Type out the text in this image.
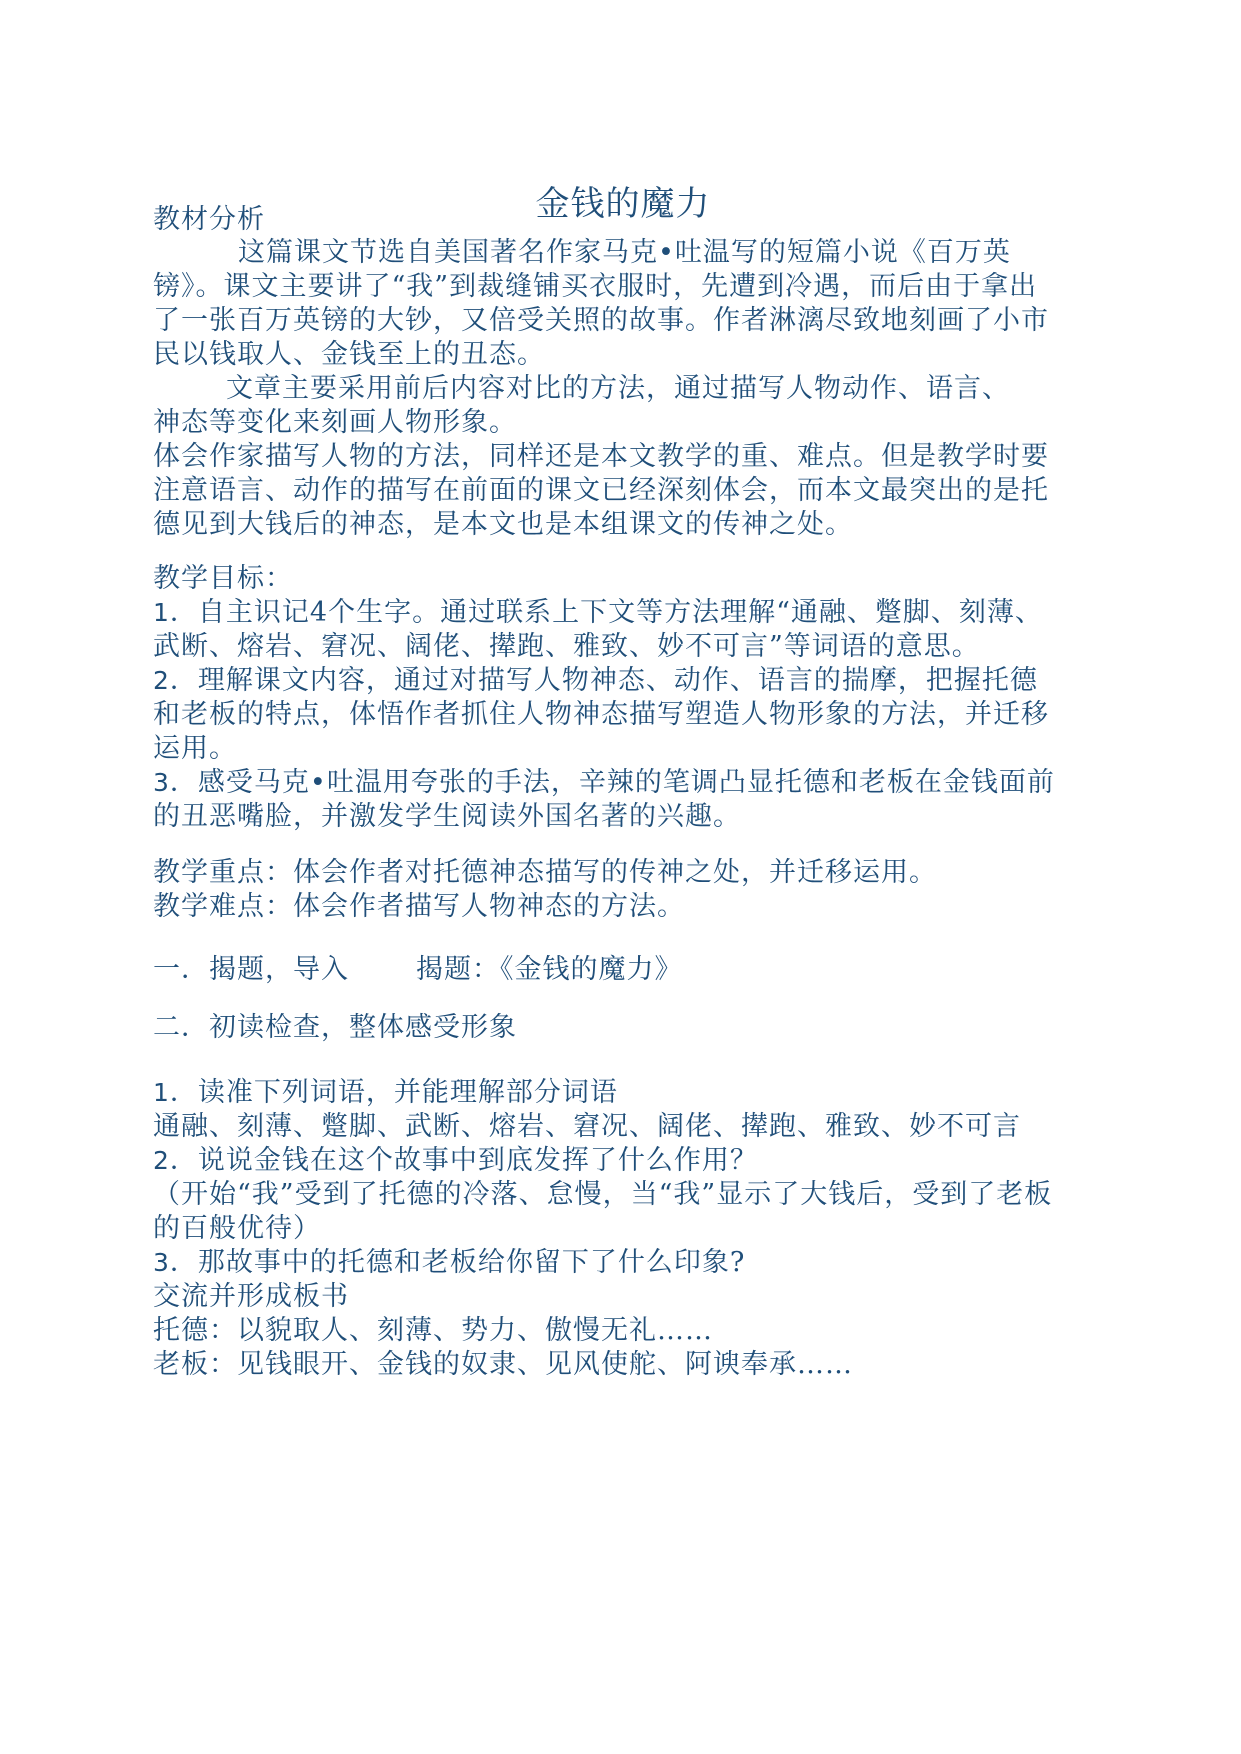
金钱的魔力
教材分析
这篇课文节选自美国著名作家马克•吐温写的短篇小说《百万英
镑》。课文主要讲了“我”到裁缝铺买衣服时，先遭到冷遇，而后由于拿出
了一张百万英镑的大钞，又倍受关照的故事。作者淋漓尽致地刻画了小市
民以钱取人、金钱至上的丑态。
文章主要采用前后内容对比的方法，通过描写人物动作、语言、
神态等变化来刻画人物形象。
体会作家描写人物的方法，同样还是本文教学的重、难点。但是教学时要
注意语言、动作的描写在前面的课文已经深刻体会，而本文最突出的是托
德见到大钱后的神态，是本文也是本组课文的传神之处。
教学目标：
1．自主识记4个生字。通过联系上下文等方法理解“通融、蹩脚、刻薄、
武断、熔岩、窘况、阔佬、撵跑、雅致、妙不可言”等词语的意思。
2．理解课文内容，通过对描写人物神态、动作、语言的揣摩，把握托德
和老板的特点，体悟作者抓住人物神态描写塑造人物形象的方法，并迁移
运用。
3．感受马克•吐温用夸张的手法，辛辣的笔调凸显托德和老板在金钱面前
的丑恶嘴脸，并激发学生阅读外国名著的兴趣。
教学重点：体会作者对托德神态描写的传神之处，并迁移运用。
教学难点：体会作者描写人物神态的方法。
一．揭题，导入 揭题：《金钱的魔力》
二．初读检查，整体感受形象
1．读准下列词语，并能理解部分词语
通融、刻薄、蹩脚、武断、熔岩、窘况、阔佬、撵跑、雅致、妙不可言
2．说说金钱在这个故事中到底发挥了什么作用？
（开始“我”受到了托德的冷落、怠慢，当“我”显示了大钱后，受到了老板
的百般优待）
3．那故事中的托德和老板给你留下了什么印象?
交流并形成板书
托德：以貌取人、刻薄、势力、傲慢无礼……
老板：见钱眼开、金钱的奴隶、见风使舵、阿谀奉承……
